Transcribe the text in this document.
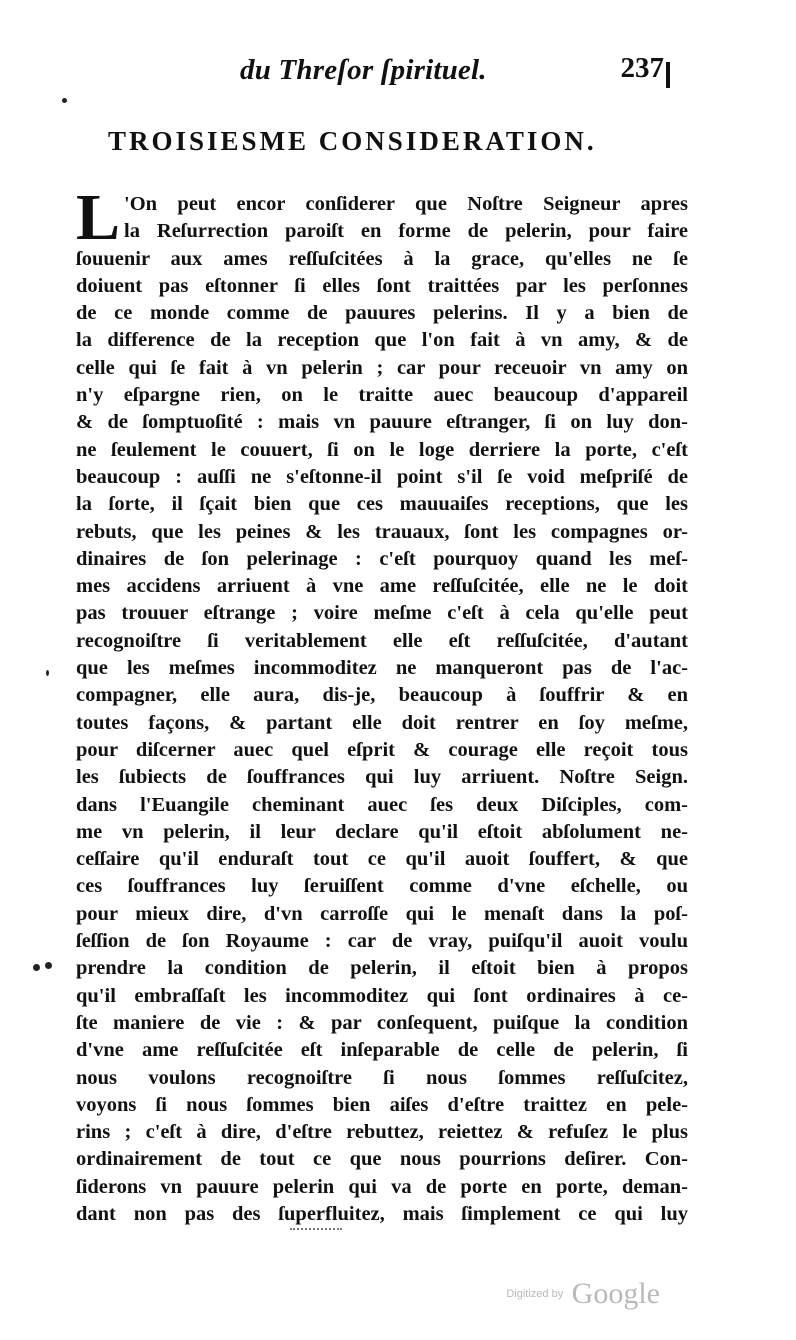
du Threſor ſpirituel.	237
TROISIESME CONSIDERATION.
L 'On peut encor conſiderer que Noſtre Seigneur apres
la Reſurrection paroiſt en forme de pelerin, pour faire
ſouuenir aux ames reſſuſcitées à la grace, qu'elles ne ſe
doiuent pas eſtonner ſi elles ſont traittées par les perſonnes
de ce monde comme de pauures pelerins. Il y a bien de
la difference de la reception que l'on fait à vn amy, & de
celle qui ſe fait à vn pelerin ; car pour receuoir vn amy on
n'y eſpargne rien, on le traitte auec beaucoup d'appareil
& de ſomptuoſité : mais vn pauure eſtranger, ſi on luy don-
ne ſeulement le couuert, ſi on le loge derriere la porte, c'eſt
beaucoup : auſſi ne s'eſtonne-il point s'il ſe void meſpriſé de
la ſorte, il ſçait bien que ces mauuaiſes receptions, que les
rebuts, que les peines & les trauaux, ſont les compagnes or-
dinaires de ſon pelerinage : c'eſt pourquoy quand les meſ-
mes accidens arriuent à vne ame reſſuſcitée, elle ne le doit
pas trouuer eſtrange ; voire meſme c'eſt à cela qu'elle peut
recognoiſtre ſi veritablement elle eſt reſſuſcitée, d'autant
que les meſmes incommoditez ne manqueront pas de l'ac-
compagner, elle aura, dis-je, beaucoup à ſouffrir & en
toutes façons, & partant elle doit rentrer en ſoy meſme,
pour diſcerner auec quel eſprit & courage elle reçoit tous
les ſubiects de ſouffrances qui luy arriuent. Noſtre Seign.
dans l'Euangile cheminant auec ſes deux Diſciples, com-
me vn pelerin, il leur declare qu'il eſtoit abſolument ne-
ceſſaire qu'il enduraſt tout ce qu'il auoit ſouffert, & que
ces ſouffrances luy ſeruiſſent comme d'vne eſchelle, ou
pour mieux dire, d'vn carroſſe qui le menaſt dans la poſ-
ſeſſion de ſon Royaume : car de vray, puiſqu'il auoit voulu
prendre la condition de pelerin, il eſtoit bien à propos
qu'il embraſſaſt les incommoditez qui ſont ordinaires à ce-
ſte maniere de vie : & par conſequent, puiſque la condition
d'vne ame reſſuſcitée eſt inſeparable de celle de pelerin, ſi
nous voulons recognoiſtre ſi nous ſommes reſſuſcitez,
voyons ſi nous ſommes bien aiſes d'eſtre traittez en pele-
rins ; c'eſt à dire, d'eſtre rebuttez, reiettez & refuſez le plus
ordinairement de tout ce que nous pourrions deſirer. Con-
ſiderons vn pauure pelerin qui va de porte en porte, deman-
dant non pas des ſuperfluitez, mais ſimplement ce qui luy
Digitized by Google
